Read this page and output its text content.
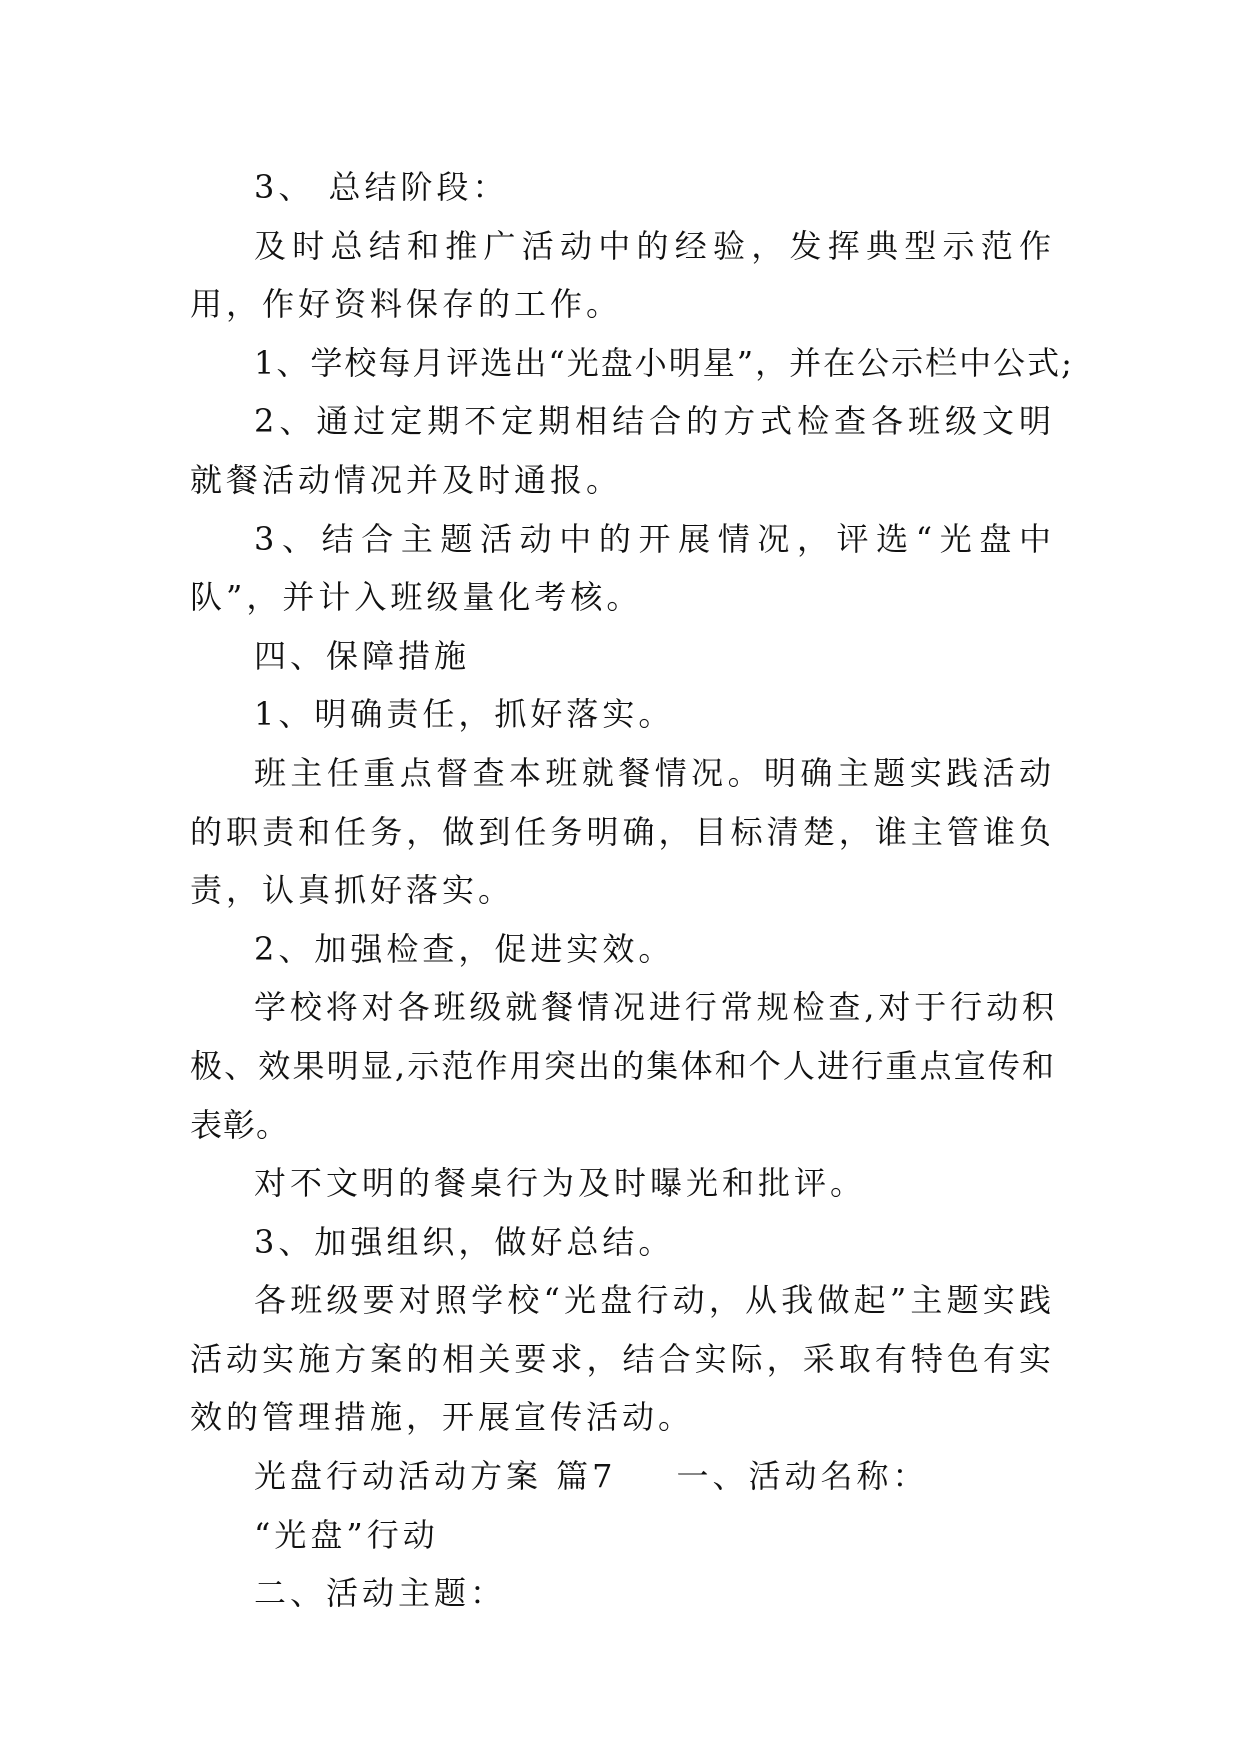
3、 总结阶段：

及时总结和推广活动中的经验，发挥典型示范作用，作好资料保存的工作。

1、学校每月评选出“光盘小明星”，并在公示栏中公式;

2、通过定期不定期相结合的方式检查各班级文明就餐活动情况并及时通报。

3、结合主题活动中的开展情况，评选“光盘中队”，并计入班级量化考核。

四、保障措施

1、明确责任，抓好落实。

班主任重点督查本班就餐情况。明确主题实践活动的职责和任务，做到任务明确，目标清楚，谁主管谁负责，认真抓好落实。

2、加强检查，促进实效。

学校将对各班级就餐情况进行常规检查,对于行动积极、效果明显,示范作用突出的集体和个人进行重点宣传和表彰。

对不文明的餐桌行为及时曝光和批评。

3、加强组织，做好总结。

各班级要对照学校“光盘行动，从我做起”主题实践活动实施方案的相关要求，结合实际，采取有特色有实效的管理措施，开展宣传活动。

光盘行动活动方案 篇7 一、活动名称：

“光盘”行动

二、活动主题：
